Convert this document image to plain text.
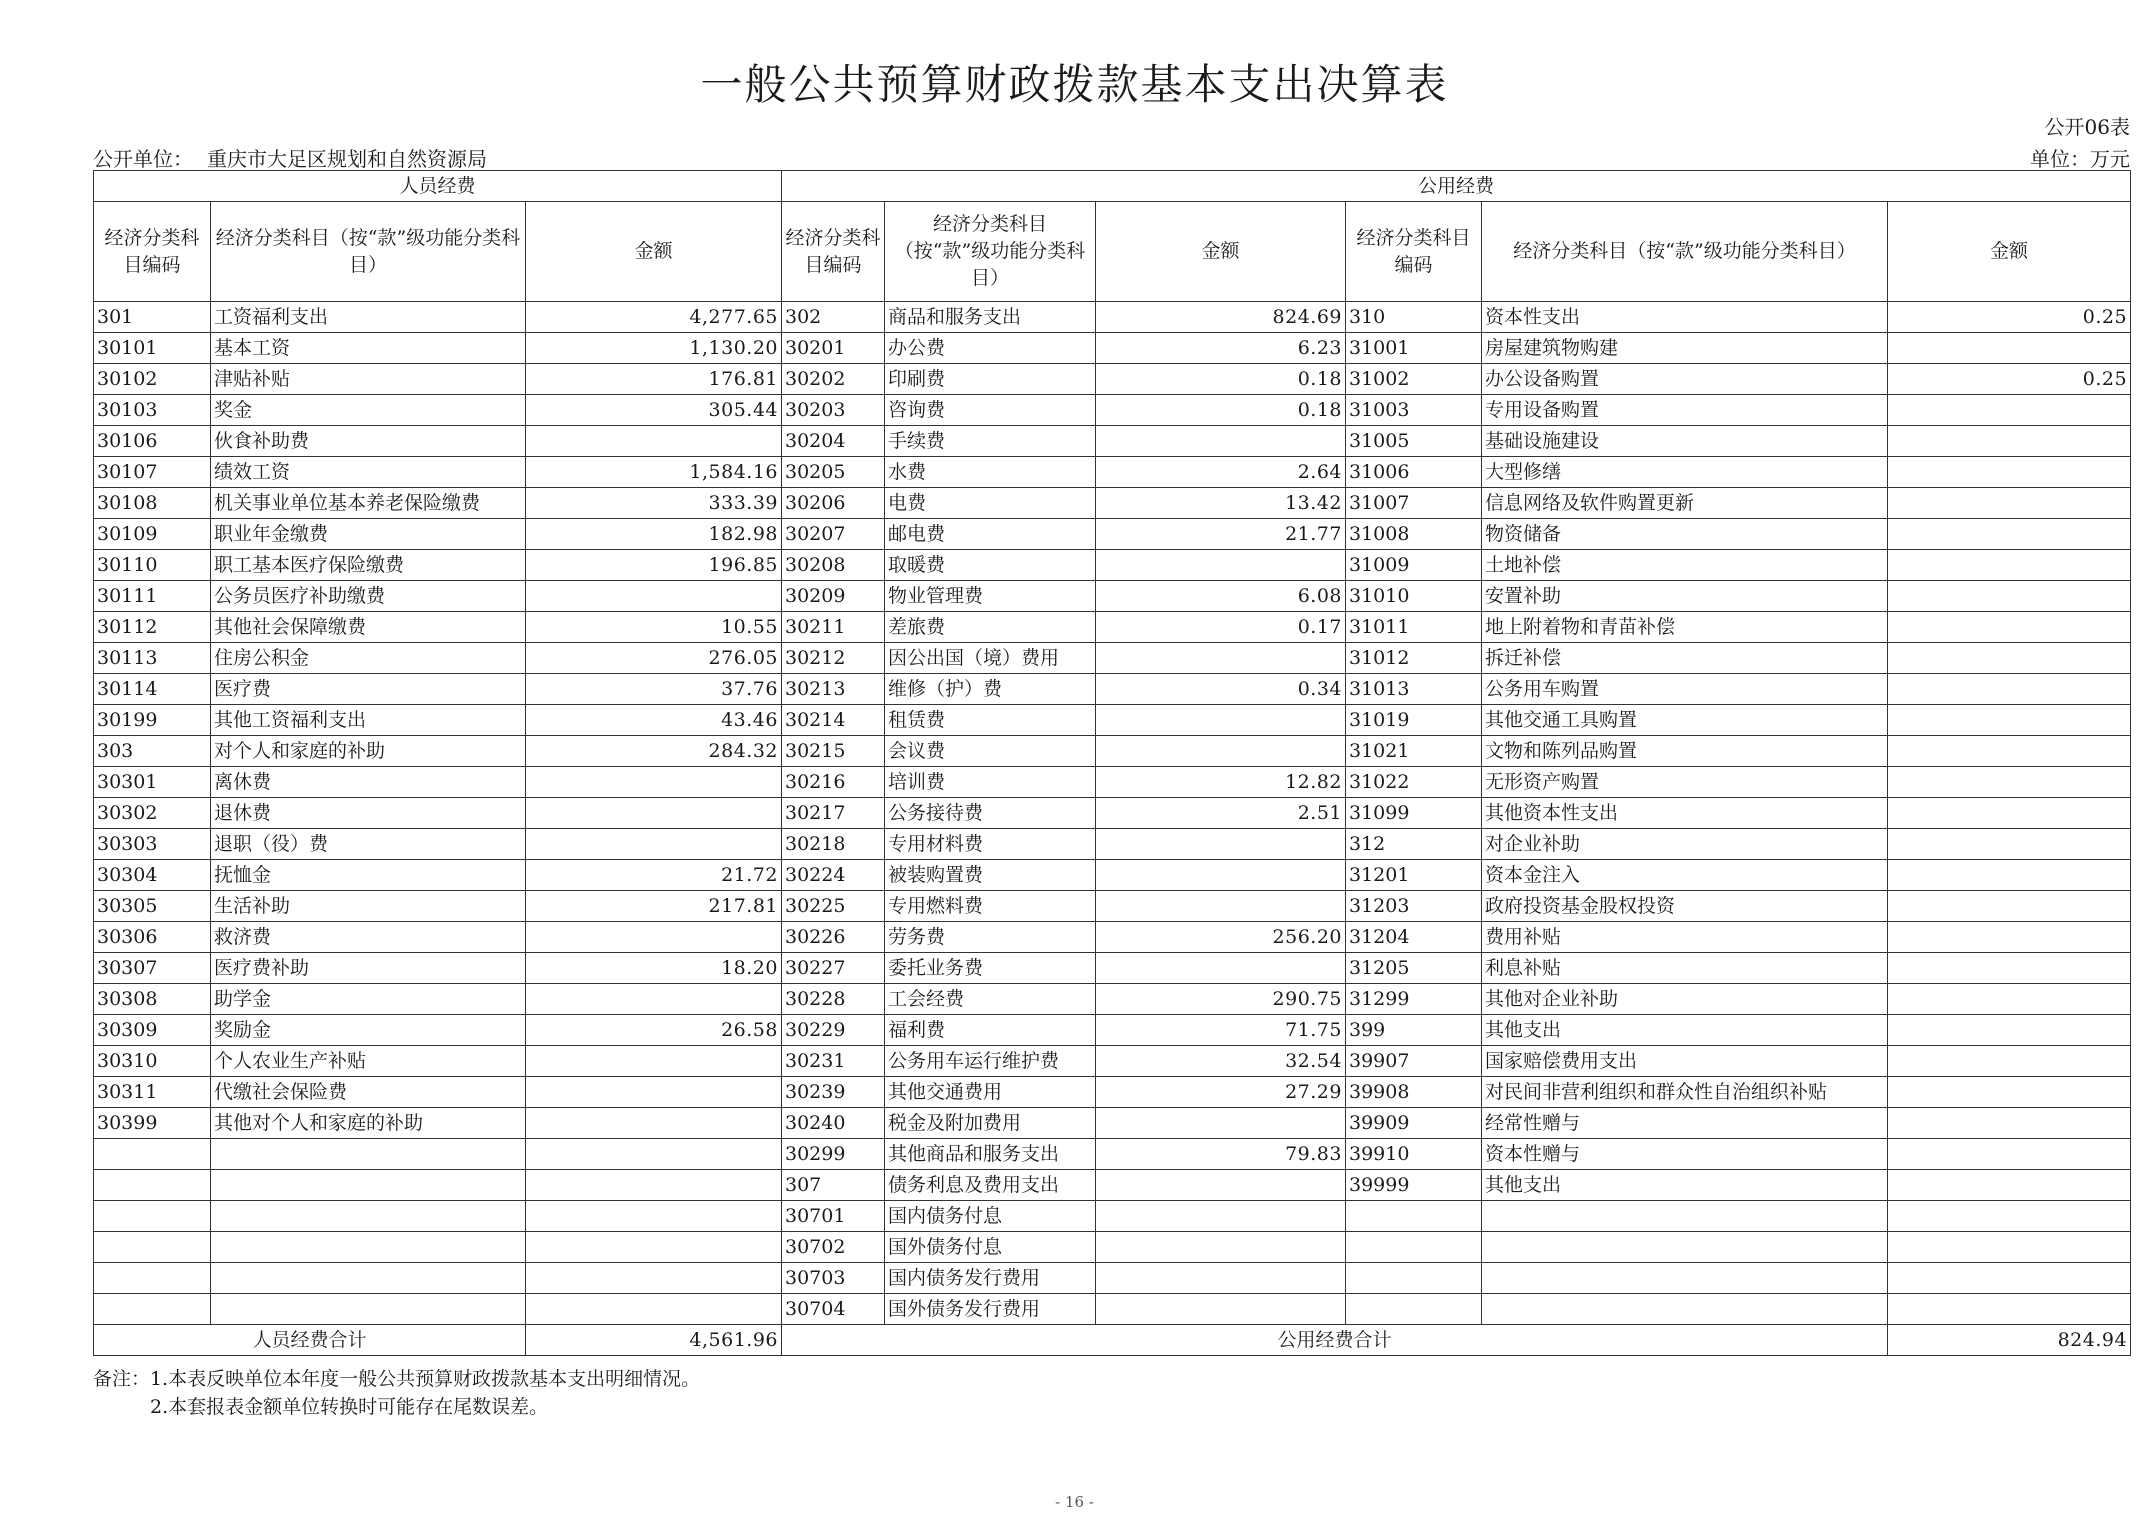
一般公共预算财政拨款基本支出决算表
公开06表
公开单位： 重庆市大足区规划和自然资源局	单位：万元
人员经费			公用经费					
经济分类科目编码	经济分类科目（按“款”级功能分类科目）	金额	经济分类科目编码	经济分类科目（按“款”级功能分类科目）	金额	经济分类科目编码	经济分类科目（按“款”级功能分类科目）	金额
301	工资福利支出	4,277.65	302	商品和服务支出	824.69	310	资本性支出	0.25
30101	基本工资	1,130.20	30201	办公费	6.23	31001	房屋建筑物购建	
30102	津贴补贴	176.81	30202	印刷费	0.18	31002	办公设备购置	0.25
30103	奖金	305.44	30203	咨询费	0.18	31003	专用设备购置	
30106	伙食补助费		30204	手续费		31005	基础设施建设	
30107	绩效工资	1,584.16	30205	水费	2.64	31006	大型修缮	
30108	机关事业单位基本养老保险缴费	333.39	30206	电费	13.42	31007	信息网络及软件购置更新	
30109	职业年金缴费	182.98	30207	邮电费	21.77	31008	物资储备	
30110	职工基本医疗保险缴费	196.85	30208	取暖费		31009	土地补偿	
30111	公务员医疗补助缴费		30209	物业管理费	6.08	31010	安置补助	
30112	其他社会保障缴费	10.55	30211	差旅费	0.17	31011	地上附着物和青苗补偿	
30113	住房公积金	276.05	30212	因公出国（境）费用		31012	拆迁补偿	
30114	医疗费	37.76	30213	维修（护）费	0.34	31013	公务用车购置	
30199	其他工资福利支出	43.46	30214	租赁费		31019	其他交通工具购置	
303	对个人和家庭的补助	284.32	30215	会议费		31021	文物和陈列品购置	
30301	离休费		30216	培训费	12.82	31022	无形资产购置	
30302	退休费		30217	公务接待费	2.51	31099	其他资本性支出	
30303	退职（役）费		30218	专用材料费		312	对企业补助	
30304	抚恤金	21.72	30224	被装购置费		31201	资本金注入	
30305	生活补助	217.81	30225	专用燃料费		31203	政府投资基金股权投资	
30306	救济费		30226	劳务费	256.20	31204	费用补贴	
30307	医疗费补助	18.20	30227	委托业务费		31205	利息补贴	
30308	助学金		30228	工会经费	290.75	31299	其他对企业补助	
30309	奖励金	26.58	30229	福利费	71.75	399	其他支出	
30310	个人农业生产补贴		30231	公务用车运行维护费	32.54	39907	国家赔偿费用支出	
30311	代缴社会保险费		30239	其他交通费用	27.29	39908	对民间非营利组织和群众性自治组织补贴	
30399	其他对个人和家庭的补助		30240	税金及附加费用		39909	经常性赠与	
			30299	其他商品和服务支出	79.83	39910	资本性赠与	
			307	债务利息及费用支出		39999	其他支出	
			30701	国内债务付息				
			30702	国外债务付息				
			30703	国内债务发行费用				
			30704	国外债务发行费用				
人员经费合计		4,561.96	公用经费合计					824.94
备注：1.本表反映单位本年度一般公共预算财政拨款基本支出明细情况。
2.本套报表金额单位转换时可能存在尾数误差。
- 16 -
